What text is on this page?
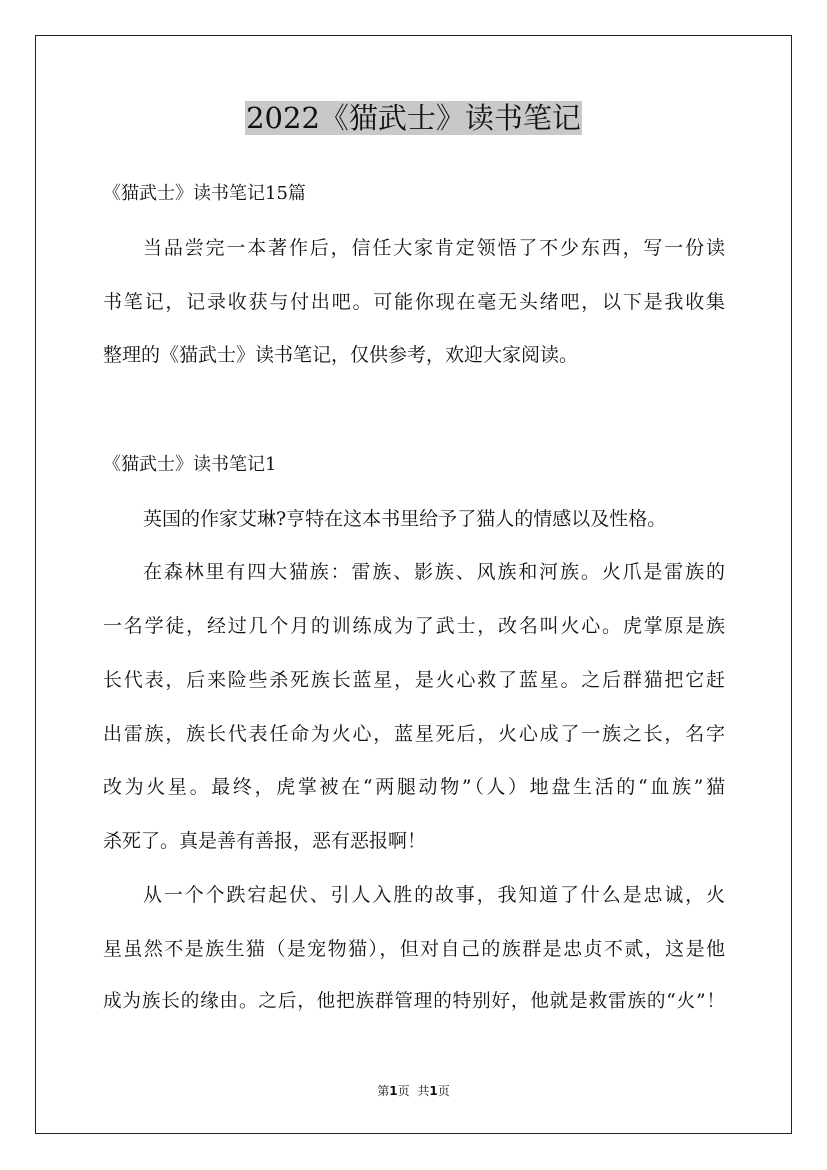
2022《猫武士》读书笔记
《猫武士》读书笔记15篇
当品尝完一本著作后，信任大家肯定领悟了不少东西，写一份读
书笔记，记录收获与付出吧。可能你现在毫无头绪吧，以下是我收集
整理的《猫武士》读书笔记，仅供参考，欢迎大家阅读。
《猫武士》读书笔记1
英国的作家艾琳?亨特在这本书里给予了猫人的情感以及性格。
在森林里有四大猫族：雷族、影族、风族和河族。火爪是雷族的
一名学徒，经过几个月的训练成为了武士，改名叫火心。虎掌原是族
长代表，后来险些杀死族长蓝星，是火心救了蓝星。之后群猫把它赶
出雷族，族长代表任命为火心，蓝星死后，火心成了一族之长，名字
改为火星。最终，虎掌被在“两腿动物”（人）地盘生活的“血族”猫
杀死了。真是善有善报，恶有恶报啊！
从一个个跌宕起伏、引人入胜的故事，我知道了什么是忠诚，火
星虽然不是族生猫（是宠物猫），但对自己的族群是忠贞不贰，这是他
成为族长的缘由。之后，他把族群管理的特别好，他就是救雷族的“火”！
第1页 共1页
